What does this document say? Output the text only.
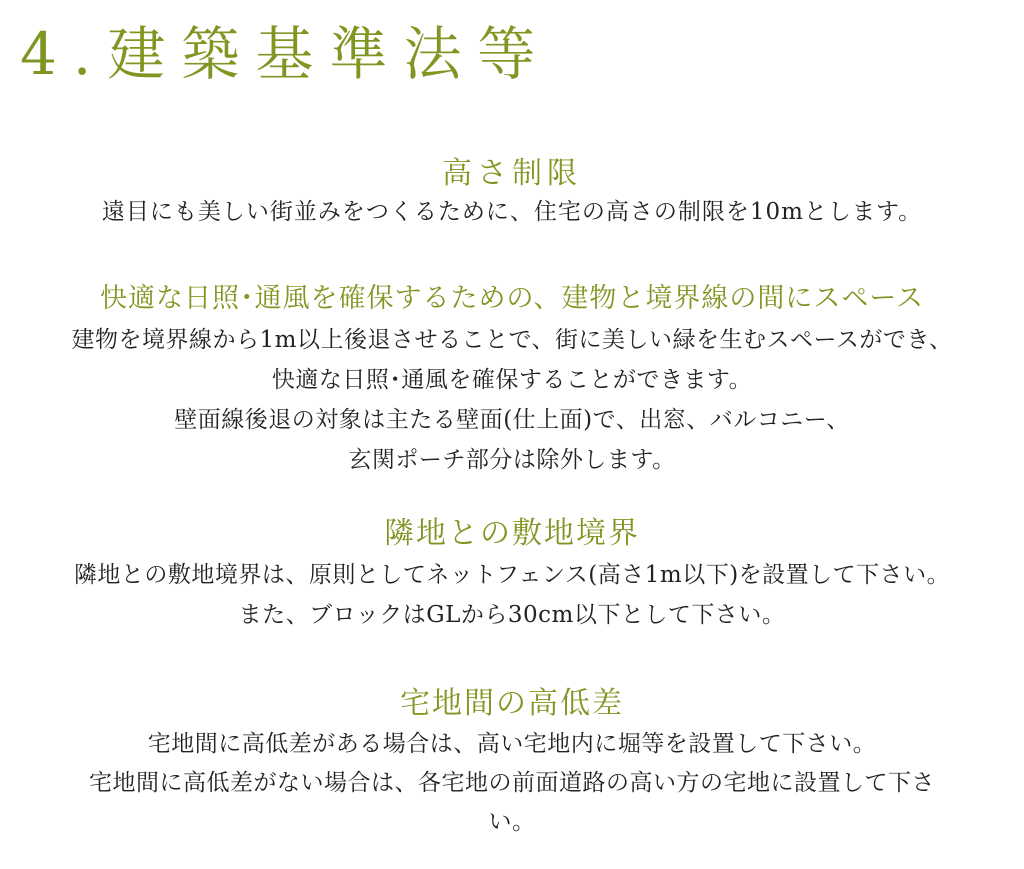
4.建築基準法等
高さ制限
遠目にも美しい街並みをつくるために、住宅の高さの制限を10mとします。
快適な日照･通風を確保するための、建物と境界線の間にスペース
建物を境界線から1m以上後退させることで、街に美しい緑を生むスペースができ、
快適な日照･通風を確保することができます。
壁面線後退の対象は主たる壁面(仕上面)で、出窓、バルコニー、
玄関ポーチ部分は除外します。
隣地との敷地境界
隣地との敷地境界は、原則としてネットフェンス(高さ1m以下)を設置して下さい。
また、ブロックはGLから30cm以下として下さい。
宅地間の高低差
宅地間に高低差がある場合は、高い宅地内に堀等を設置して下さい。
宅地間に高低差がない場合は、各宅地の前面道路の高い方の宅地に設置して下さ
い。
